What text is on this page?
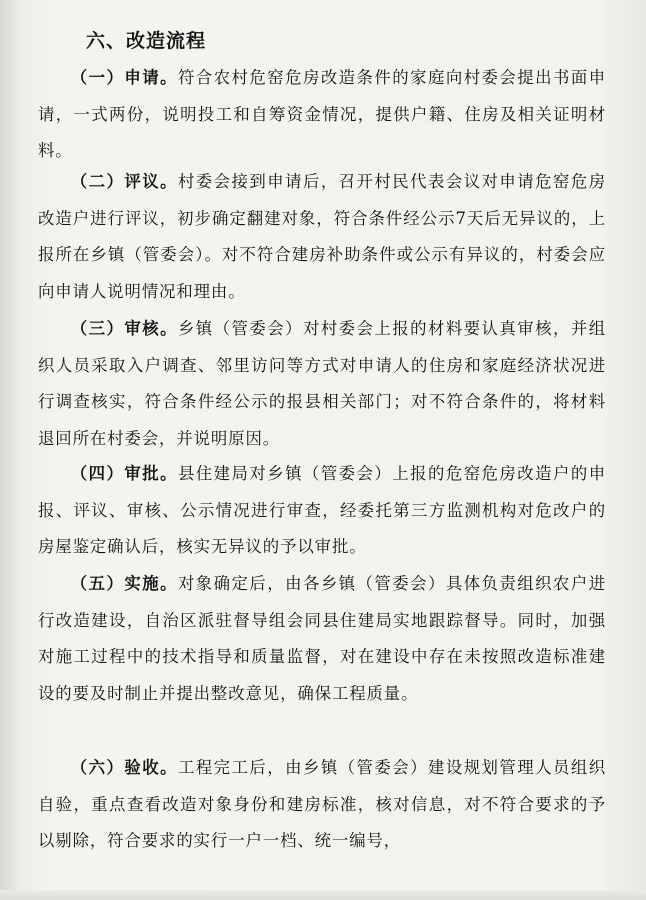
六、改造流程

（一）申请。符合农村危窑危房改造条件的家庭向村委会提出书面申请，一式两份，说明投工和自筹资金情况，提供户籍、住房及相关证明材料。

（二）评议。村委会接到申请后，召开村民代表会议对申请危窑危房改造户进行评议，初步确定翻建对象，符合条件经公示7天后无异议的，上报所在乡镇（管委会）。对不符合建房补助条件或公示有异议的，村委会应向申请人说明情况和理由。

（三）审核。乡镇（管委会）对村委会上报的材料要认真审核，并组织人员采取入户调查、邻里访问等方式对申请人的住房和家庭经济状况进行调查核实，符合条件经公示的报县相关部门；对不符合条件的，将材料退回所在村委会，并说明原因。

（四）审批。县住建局对乡镇（管委会）上报的危窑危房改造户的申报、评议、审核、公示情况进行审查，经委托第三方监测机构对危改户的房屋鉴定确认后，核实无异议的予以审批。

（五）实施。对象确定后，由各乡镇（管委会）具体负责组织农户进行改造建设，自治区派驻督导组会同县住建局实地跟踪督导。同时，加强对施工过程中的技术指导和质量监督，对在建设中存在未按照改造标准建设的要及时制止并提出整改意见，确保工程质量。

（六）验收。工程完工后，由乡镇（管委会）建设规划管理人员组织自验，重点查看改造对象身份和建房标准，核对信息，对不符合要求的予以剔除，符合要求的实行一户一档、统一编号，
